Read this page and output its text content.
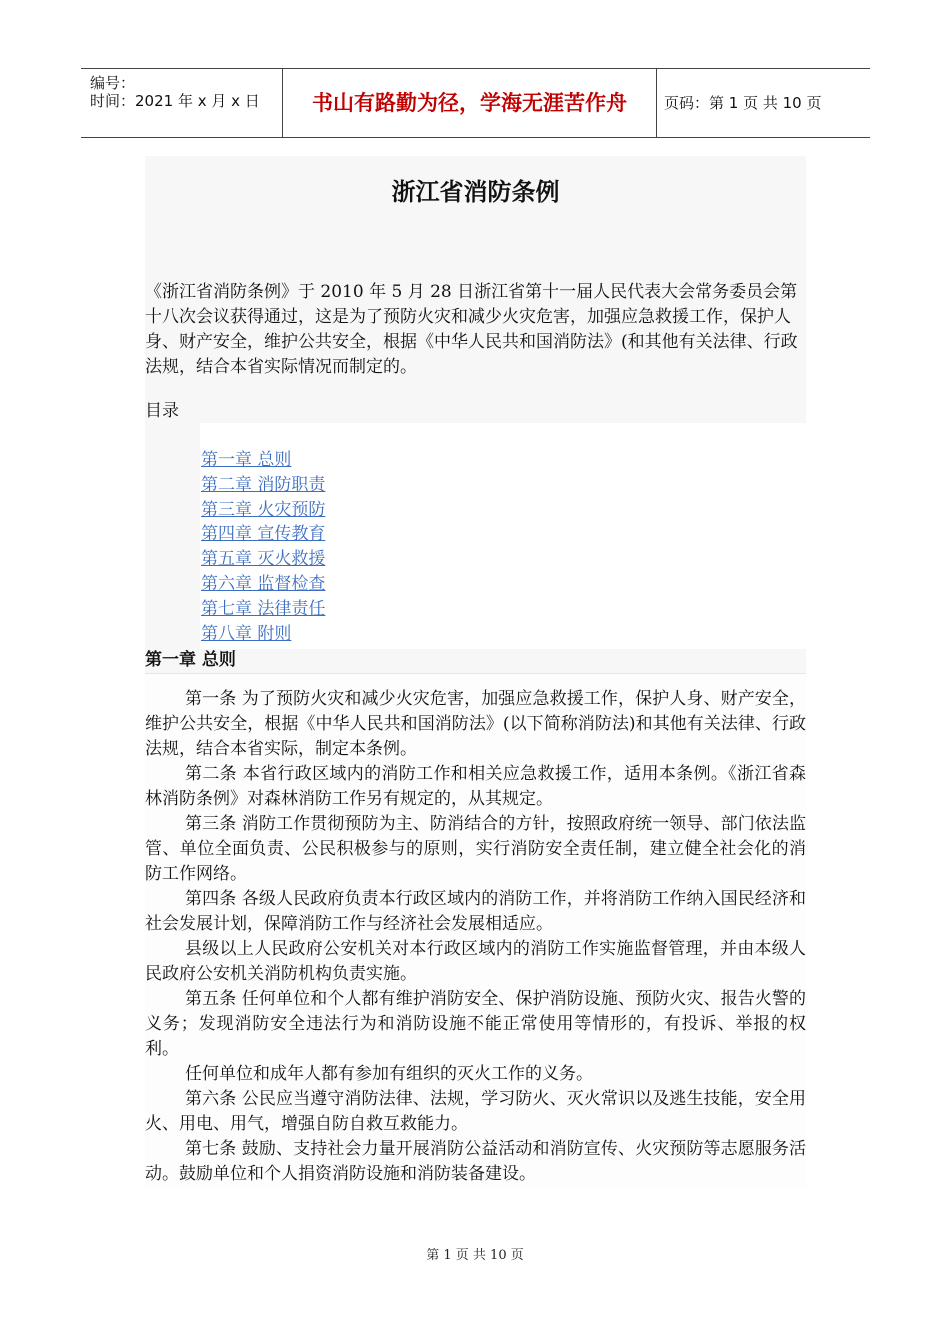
编号：
时间：2021 年 x 月 x 日	书山有路勤为径，学海无涯苦作舟	页码：第 1 页 共 10 页
浙江省消防条例
《浙江省消防条例》于 2010 年 5 月 28 日浙江省第十一届人民代表大会常务委员会第十八次会议获得通过，这是为了预防火灾和减少火灾危害，加强应急救援工作，保护人身、财产安全，维护公共安全，根据《中华人民共和国消防法》(和其他有关法律、行政法规，结合本省实际情况而制定的。
目录
第一章 总则
第二章 消防职责
第三章 火灾预防
第四章 宣传教育
第五章 灭火救援
第六章 监督检查
第七章 法律责任
第八章 附则
第一章 总则

第一条 为了预防火灾和减少火灾危害，加强应急救援工作，保护人身、财产安全，维护公共安全，根据《中华人民共和国消防法》(以下简称消防法)和其他有关法律、行政法规，结合本省实际，制定本条例。

第二条 本省行政区域内的消防工作和相关应急救援工作，适用本条例。《浙江省森林消防条例》对森林消防工作另有规定的，从其规定。

第三条 消防工作贯彻预防为主、防消结合的方针，按照政府统一领导、部门依法监管、单位全面负责、公民积极参与的原则，实行消防安全责任制，建立健全社会化的消防工作网络。

第四条 各级人民政府负责本行政区域内的消防工作，并将消防工作纳入国民经济和社会发展计划，保障消防工作与经济社会发展相适应。

县级以上人民政府公安机关对本行政区域内的消防工作实施监督管理，并由本级人民政府公安机关消防机构负责实施。

第五条 任何单位和个人都有维护消防安全、保护消防设施、预防火灾、报告火警的义务；发现消防安全违法行为和消防设施不能正常使用等情形的，有投诉、举报的权利。

任何单位和成年人都有参加有组织的灭火工作的义务。

第六条 公民应当遵守消防法律、法规，学习防火、灭火常识以及逃生技能，安全用火、用电、用气，增强自防自救互救能力。

第七条 鼓励、支持社会力量开展消防公益活动和消防宣传、火灾预防等志愿服务活动。鼓励单位和个人捐资消防设施和消防装备建设。

第 1 页 共 10 页
